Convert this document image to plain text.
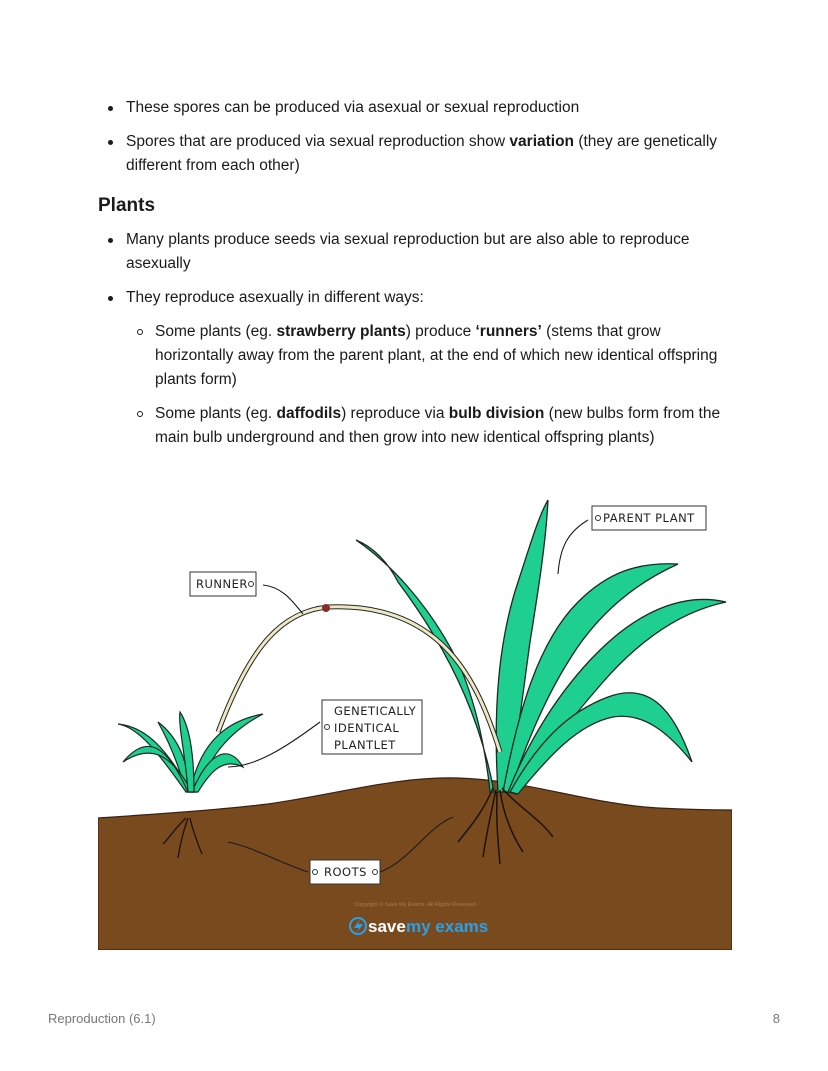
These spores can be produced via asexual or sexual reproduction
Spores that are produced via sexual reproduction show variation (they are genetically different from each other)
Plants
Many plants produce seeds via sexual reproduction but are also able to reproduce asexually
They reproduce asexually in different ways:
Some plants (eg. strawberry plants) produce ‘runners’ (stems that grow horizontally away from the parent plant, at the end of which new identical offspring plants form)
Some plants (eg. daffodils) reproduce via bulb division (new bulbs form from the main bulb underground and then grow into new identical offspring plants)
PARENT PLANT
RUNNER
GENETICALLY
IDENTICAL
PLANTLET
ROOTS
Copyright © Save My Exams. All Rights Reserved
save my exams
Reproduction (6.1)	8
